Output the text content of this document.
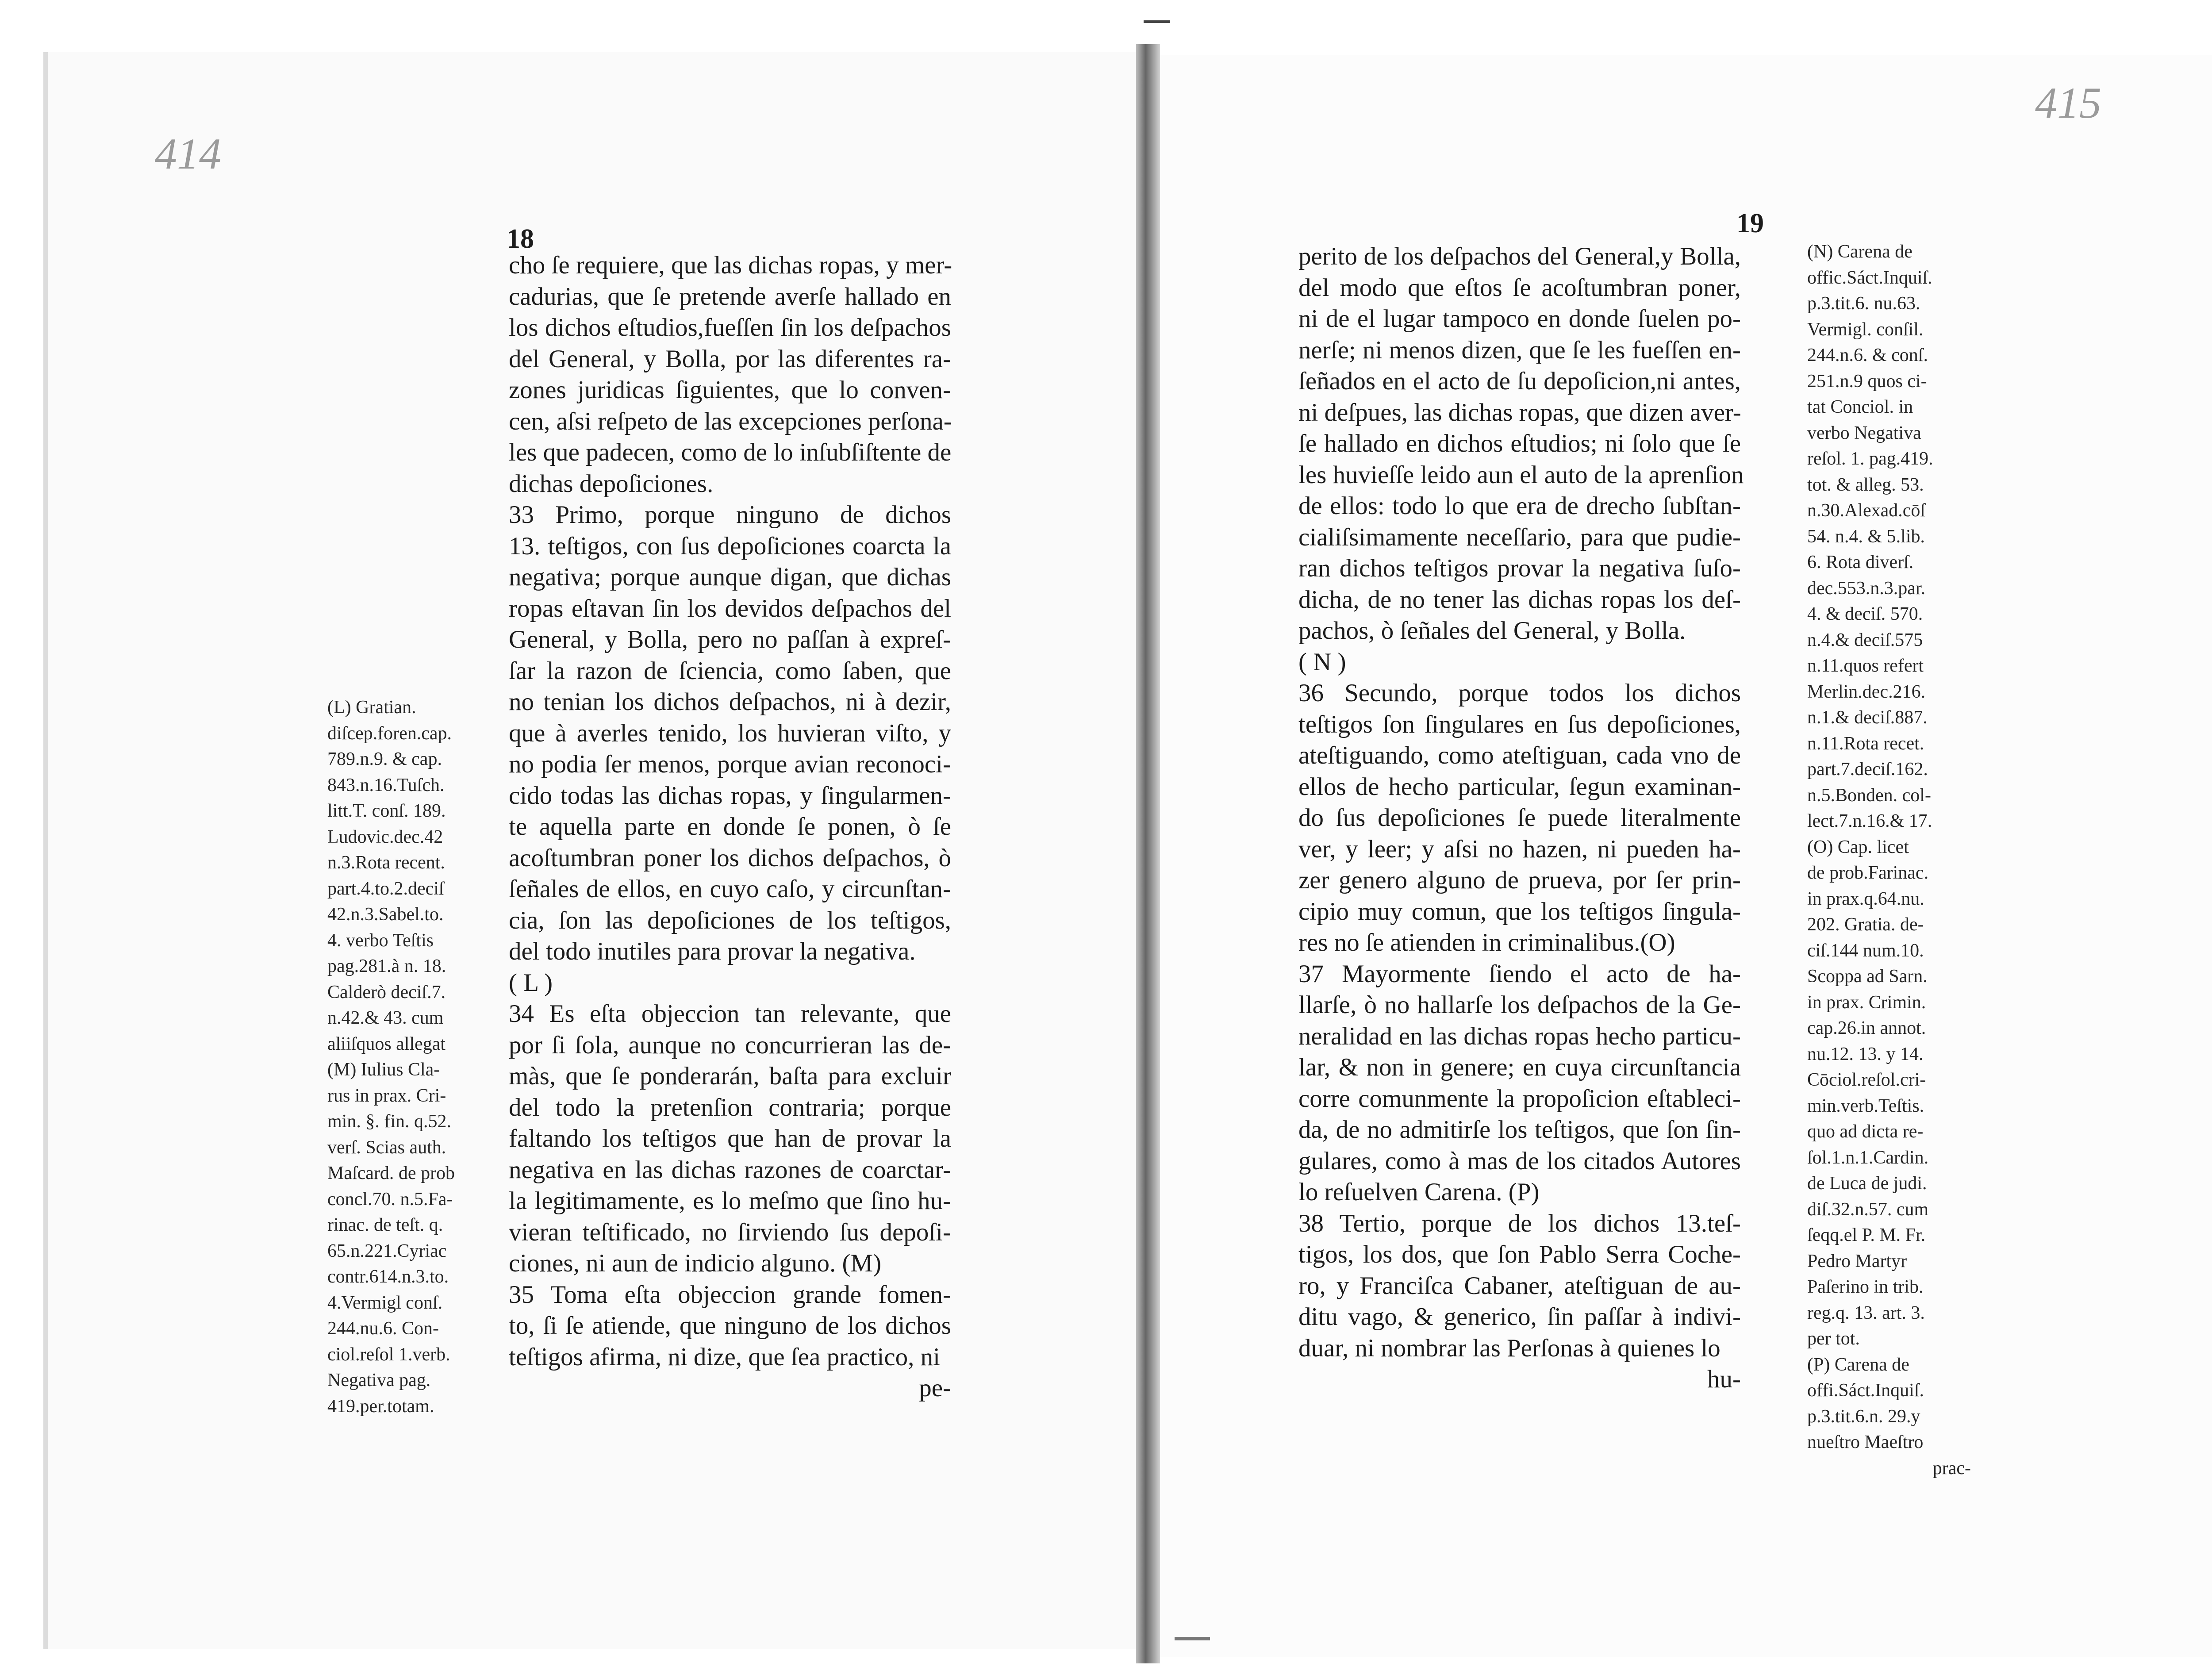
414
415
18
19
cho ſe requiere, que las dichas ropas, y mer-
cadurias, que ſe pretende averſe hallado en
los dichos eſtudios,fueſſen ſin los deſpachos
del General, y Bolla, por las diferentes ra-
zones juridicas ſiguientes, que lo conven-
cen, aſsi reſpeto de las excepciones perſona-
les que padecen, como de lo inſubſiſtente de
dichas depoſiciones.
33 Primo, porque ninguno de dichos
13. teſtigos, con ſus depoſiciones coarcta la
negativa; porque aunque digan, que dichas
ropas eſtavan ſin los devidos deſpachos del
General, y Bolla, pero no paſſan à expreſ-
ſar la razon de ſciencia, como ſaben, que
no tenian los dichos deſpachos, ni à dezir,
que à averles tenido, los huvieran viſto, y
no podia ſer menos, porque avian reconoci-
cido todas las dichas ropas, y ſingularmen-
te aquella parte en donde ſe ponen, ò ſe
acoſtumbran poner los dichos deſpachos, ò
ſeñales de ellos, en cuyo caſo, y circunſtan-
cia, ſon las depoſiciones de los teſtigos,
del todo inutiles para provar la negativa.
( L )
34 Es eſta objeccion tan relevante, que
por ſi ſola, aunque no concurrieran las de-
màs, que ſe ponderarán, baſta para excluir
del todo la pretenſion contraria; porque
faltando los teſtigos que han de provar la
negativa en las dichas razones de coarctar-
la legitimamente, es lo meſmo que ſino hu-
vieran teſtificado, no ſirviendo ſus depoſi-
ciones, ni aun de indicio alguno. (M)
35 Toma eſta objeccion grande fomen-
to, ſi ſe atiende, que ninguno de los dichos
teſtigos afirma, ni dize, que ſea practico, ni
pe-
perito de los deſpachos del General,y Bolla,
del modo que eſtos ſe acoſtumbran poner,
ni de el lugar tampoco en donde ſuelen po-
nerſe; ni menos dizen, que ſe les fueſſen en-
ſeñados en el acto de ſu depoſicion,ni antes,
ni deſpues, las dichas ropas, que dizen aver-
ſe hallado en dichos eſtudios; ni ſolo que ſe
les huvieſſe leido aun el auto de la aprenſion
de ellos: todo lo que era de drecho ſubſtan-
cialiſsimamente neceſſario, para que pudie-
ran dichos teſtigos provar la negativa ſuſo-
dicha, de no tener las dichas ropas los deſ-
pachos, ò ſeñales del General, y Bolla.
( N )
36 Secundo, porque todos los dichos
teſtigos ſon ſingulares en ſus depoſiciones,
ateſtiguando, como ateſtiguan, cada vno de
ellos de hecho particular, ſegun examinan-
do ſus depoſiciones ſe puede literalmente
ver, y leer; y aſsi no hazen, ni pueden ha-
zer genero alguno de prueva, por ſer prin-
cipio muy comun, que los teſtigos ſingula-
res no ſe atienden in criminalibus.(O)
37 Mayormente ſiendo el acto de ha-
llarſe, ò no hallarſe los deſpachos de la Ge-
neralidad en las dichas ropas hecho particu-
lar, & non in genere; en cuya circunſtancia
corre comunmente la propoſicion eſtableci-
da, de no admitirſe los teſtigos, que ſon ſin-
gulares, como à mas de los citados Autores
lo reſuelven Carena. (P)
38 Tertio, porque de los dichos 13.teſ-
tigos, los dos, que ſon Pablo Serra Coche-
ro, y Franciſca Cabaner, ateſtiguan de au-
ditu vago, & generico, ſin paſſar à indivi-
duar, ni nombrar las Perſonas à quienes lo
hu-
(L) Gratian.
diſcep.foren.cap.
789.n.9. & cap.
843.n.16.Tuſch.
litt.T. conſ. 189.
Ludovic.dec.42
n.3.Rota recent.
part.4.to.2.deciſ
42.n.3.Sabel.to.
4. verbo Teſtis
pag.281.à n. 18.
Calderò deciſ.7.
n.42.& 43. cum
aliiſquos allegat
(M) Iulius Cla-
rus in prax. Cri-
min. §. fin. q.52.
verſ. Scias auth.
Maſcard. de prob
concl.70. n.5.Fa-
rinac. de teſt. q.
65.n.221.Cyriac
contr.614.n.3.to.
4.Vermigl conſ.
244.nu.6. Con-
ciol.reſol 1.verb.
Negativa pag.
419.per.totam.
(N) Carena de
offic.Sáct.Inquiſ.
p.3.tit.6. nu.63.
Vermigl. conſil.
244.n.6. & conſ.
251.n.9 quos ci-
tat Conciol. in
verbo Negativa
reſol. 1. pag.419.
tot. & alleg. 53.
n.30.Alexad.cōſ
54. n.4. & 5.lib.
6. Rota diverſ.
dec.553.n.3.par.
4. & deciſ. 570.
n.4.& deciſ.575
n.11.quos refert
Merlin.dec.216.
n.1.& deciſ.887.
n.11.Rota recet.
part.7.deciſ.162.
n.5.Bonden. col-
lect.7.n.16.& 17.
(O) Cap. licet
de prob.Farinac.
in prax.q.64.nu.
202. Gratia. de-
ciſ.144 num.10.
Scoppa ad Sarn.
in prax. Crimin.
cap.26.in annot.
nu.12. 13. y 14.
Cōciol.reſol.cri-
min.verb.Teſtis.
quo ad dicta re-
ſol.1.n.1.Cardin.
de Luca de judi.
diſ.32.n.57. cum
ſeqq.el P. M. Fr.
Pedro Martyr
Paſerino in trib.
reg.q. 13. art. 3.
per tot.
(P) Carena de
offi.Sáct.Inquiſ.
p.3.tit.6.n. 29.y
nueſtro Maeſtro
prac-
